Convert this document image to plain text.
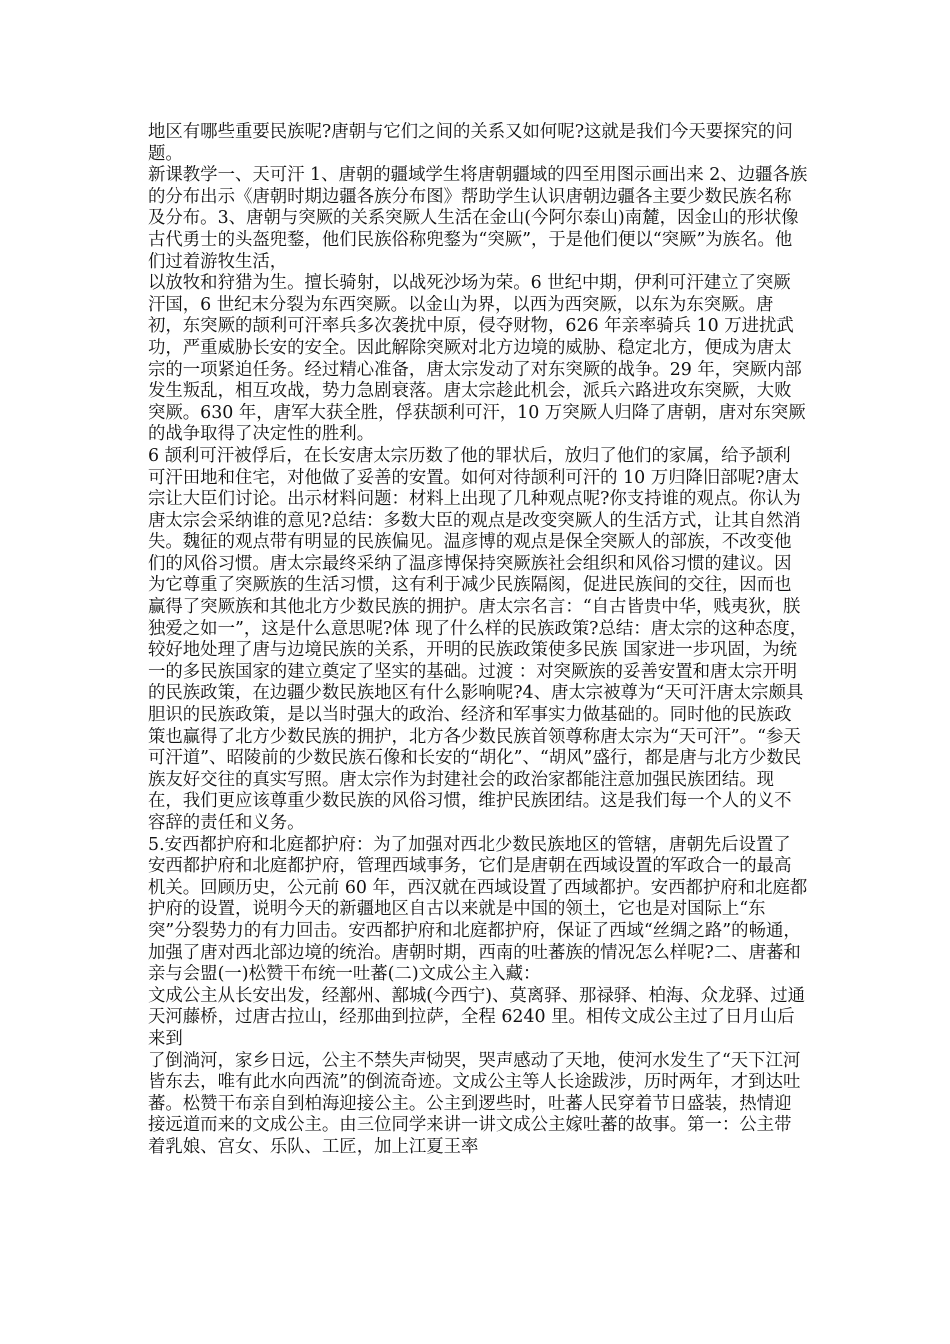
地区有哪些重要民族呢?唐朝与它们之间的关系又如何呢?这就是我们今天要探究的问题。

新课教学一、天可汗 1、唐朝的疆域学生将唐朝疆域的四至用图示画出来 2、边疆各族的分布出示《唐朝时期边疆各族分布图》帮助学生认识唐朝边疆各主要少数民族名称及分布。3、唐朝与突厥的关系突厥人生活在金山(今阿尔泰山)南麓，因金山的形状像古代勇士的头盔兜鍪，他们民族俗称兜鍪为“突厥”，于是他们便以“突厥”为族名。他们过着游牧生活，

以放牧和狩猎为生。擅长骑射，以战死沙场为荣。6 世纪中期，伊利可汗建立了突厥汗国，6 世纪末分裂为东西突厥。以金山为界，以西为西突厥，以东为东突厥。唐初，东突厥的颉利可汗率兵多次袭扰中原，侵夺财物，626 年亲率骑兵 10 万进扰武功，严重威胁长安的安全。因此解除突厥对北方边境的威胁、稳定北方，便成为唐太宗的一项紧迫任务。经过精心准备，唐太宗发动了对东突厥的战争。29 年，突厥内部发生叛乱，相互攻战，势力急剧衰落。唐太宗趁此机会，派兵六路进攻东突厥，大败突厥。630 年，唐军大获全胜，俘获颉利可汗，10 万突厥人归降了唐朝，唐对东突厥的战争取得了决定性的胜利。

6 颉利可汗被俘后，在长安唐太宗历数了他的罪状后，放归了他们的家属，给予颉利可汗田地和住宅，对他做了妥善的安置。如何对待颉利可汗的 10 万归降旧部呢?唐太宗让大臣们讨论。出示材料问题：材料上出现了几种观点呢?你支持谁的观点。你认为唐太宗会采纳谁的意见?总结：多数大臣的观点是改变突厥人的生活方式，让其自然消失。魏征的观点带有明显的民族偏见。温彦博的观点是保全突厥人的部族，不改变他们的风俗习惯。唐太宗最终采纳了温彦博保持突厥族社会组织和风俗习惯的建议。因为它尊重了突厥族的生活习惯，这有利于减少民族隔阂，促进民族间的交往，因而也赢得了突厥族和其他北方少数民族的拥护。唐太宗名言：“自古皆贵中华，贱夷狄，朕独爱之如一”，这是什么意思呢?体 现了什么样的民族政策?总结：唐太宗的这种态度，较好地处理了唐与边境民族的关系，开明的民族政策使多民族 国家进一步巩固，为统一的多民族国家的建立奠定了坚实的基础。过渡 ：对突厥族的妥善安置和唐太宗开明的民族政策，在边疆少数民族地区有什么影响呢?4、唐太宗被尊为“天可汗唐太宗颇具胆识的民族政策，是以当时强大的政治、经济和军事实力做基础的。同时他的民族政策也赢得了北方少数民族的拥护，北方各少数民族首领尊称唐太宗为“天可汗”。“参天可汗道”、昭陵前的少数民族石像和长安的“胡化”、“胡风”盛行，都是唐与北方少数民族友好交往的真实写照。唐太宗作为封建社会的政治家都能注意加强民族团结。现在，我们更应该尊重少数民族的风俗习惯，维护民族团结。这是我们每一个人的义不容辞的责任和义务。

5.安西都护府和北庭都护府：为了加强对西北少数民族地区的管辖，唐朝先后设置了安西都护府和北庭都护府，管理西域事务，它们是唐朝在西域设置的军政合一的最高机关。回顾历史，公元前 60 年，西汉就在西域设置了西域都护。安西都护府和北庭都护府的设置，说明今天的新疆地区自古以来就是中国的领土，它也是对国际上“东突”分裂势力的有力回击。安西都护府和北庭都护府，保证了西域“丝绸之路”的畅通，加强了唐对西北部边境的统治。唐朝时期，西南的吐蕃族的情况怎么样呢?二、唐蕃和亲与会盟(一)松赞干布统一吐蕃(二)文成公主入藏：

文成公主从长安出发，经鄯州、鄯城(今西宁)、莫离驿、那禄驿、柏海、众龙驿、过通天河藤桥，过唐古拉山，经那曲到拉萨，全程 6240 里。相传文成公主过了日月山后来到

了倒淌河，家乡日远，公主不禁失声恸哭，哭声感动了天地，使河水发生了“天下江河皆东去，唯有此水向西流”的倒流奇迹。文成公主等人长途跋涉，历时两年，才到达吐蕃。松赞干布亲自到柏海迎接公主。公主到逻些时，吐蕃人民穿着节日盛装，热情迎接远道而来的文成公主。由三位同学来讲一讲文成公主嫁吐蕃的故事。第一：公主带着乳娘、宫女、乐队、工匠，加上江夏王率
